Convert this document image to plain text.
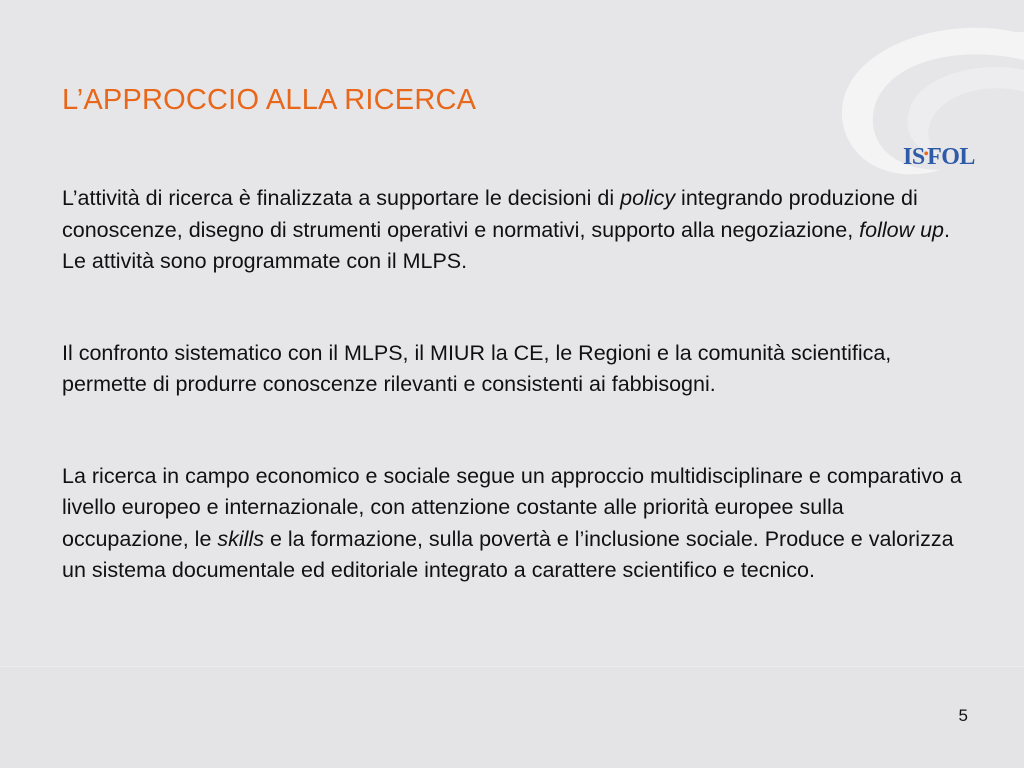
IS•FOL
L’APPROCCIO ALLA RICERCA

L’attività di ricerca è finalizzata a supportare le decisioni di policy integrando produzione di conoscenze, disegno di strumenti operativi e normativi, supporto alla negoziazione, follow up. Le attività sono programmate con il MLPS.

Il confronto sistematico con il MLPS, il MIUR la CE, le Regioni e la comunità scientifica, permette di produrre conoscenze rilevanti e consistenti ai fabbisogni.

La ricerca in campo economico e sociale segue un approccio multidisciplinare e comparativo a livello europeo e internazionale, con attenzione costante alle priorità europee sulla occupazione, le skills e la formazione, sulla povertà e l’inclusione sociale. Produce e valorizza un sistema documentale ed editoriale integrato a carattere scientifico e tecnico.

5
